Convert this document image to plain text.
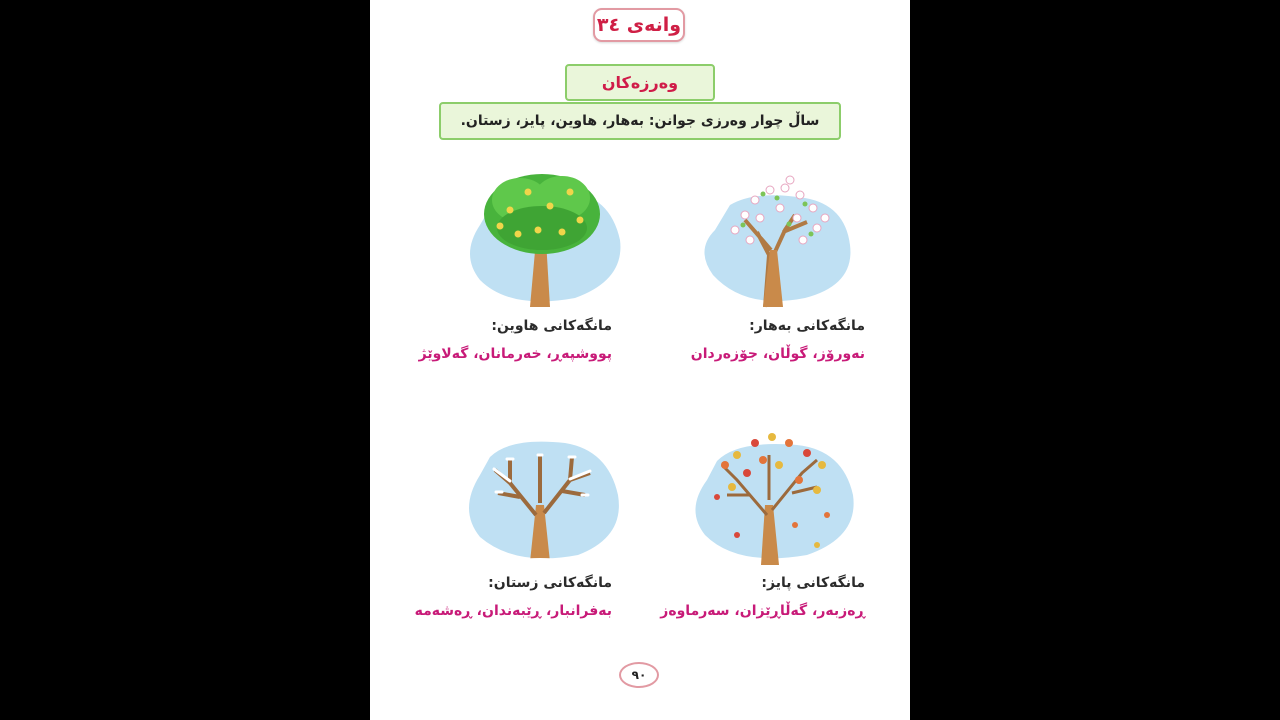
وانەی ٣٤
وەرزەکان
ساڵ چوار وەرزی جوانن: بەهار، هاوین، پایز، زستان.
مانگەکانی بەهار:
نەورۆز، گوڵان، جۆزەردان
مانگەکانی هاوین:
پووشپەڕ، خەرمانان، گەلاوێژ
مانگەکانی پایز:
ڕەزبەر، گەڵاڕێزان، سەرماوەز
مانگەکانی زستان:
بەفرانبار، ڕێبەندان، ڕەشەمە
٩٠
